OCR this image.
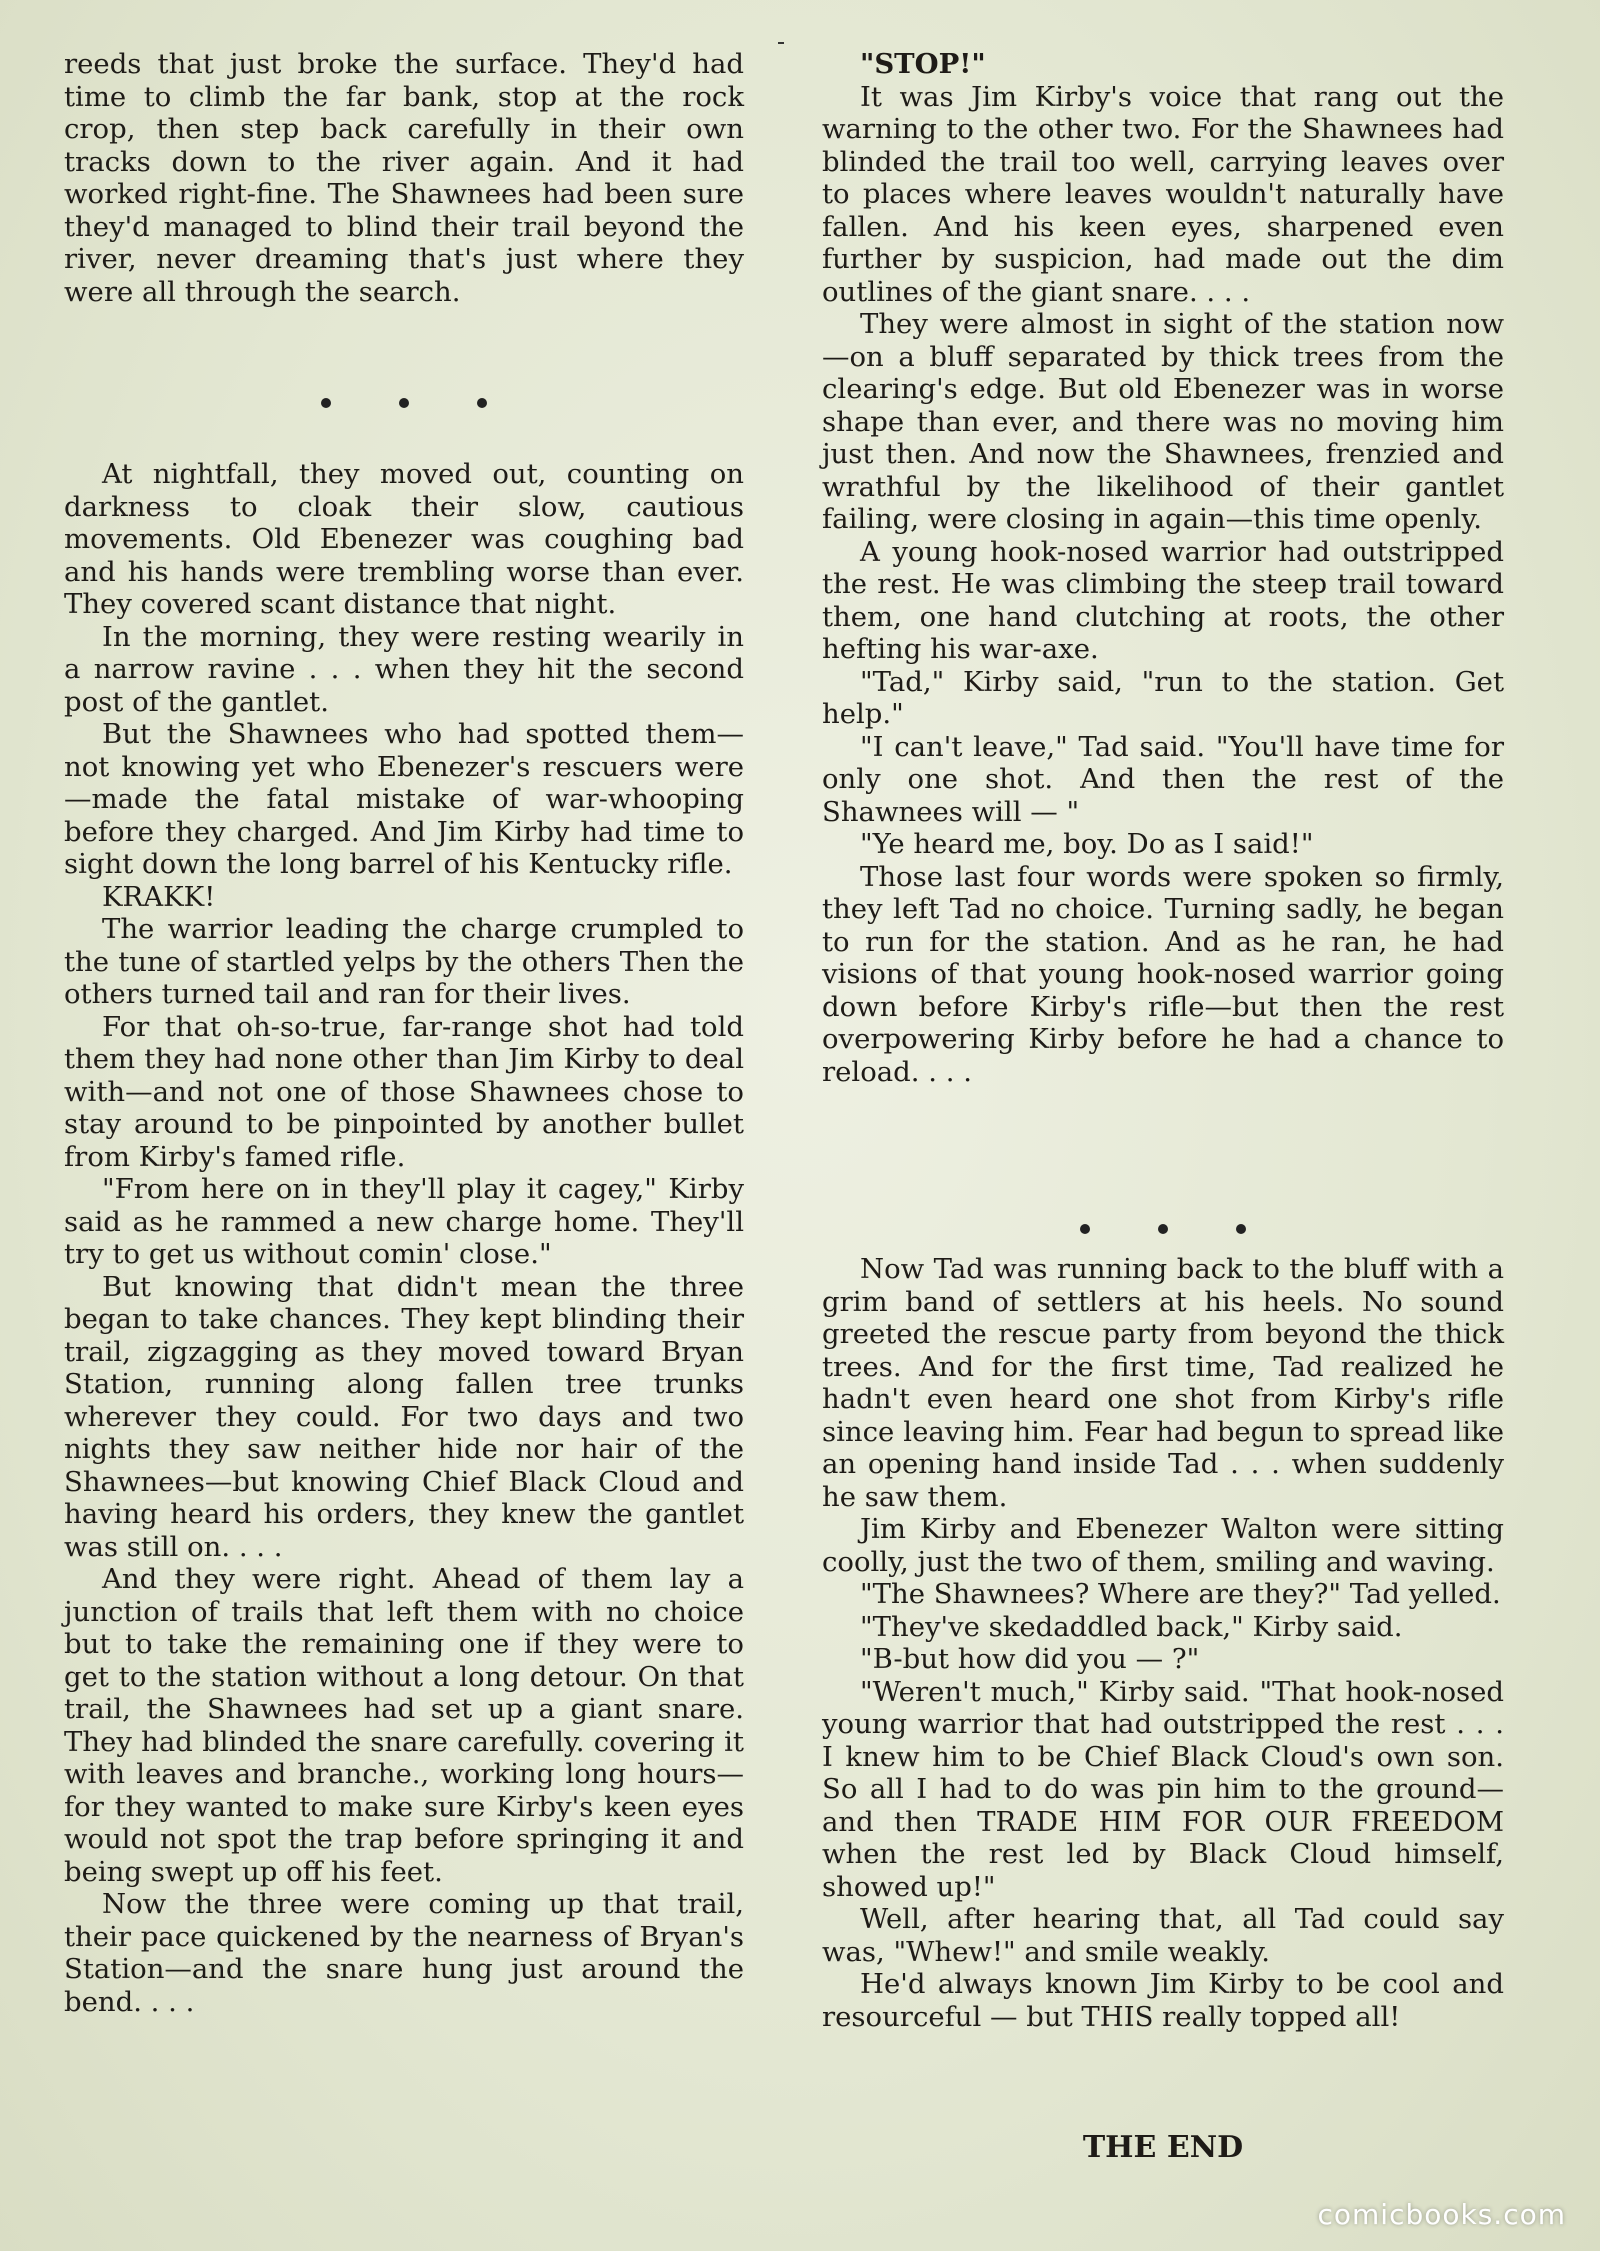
reeds that just broke the surface. They'd had time to climb the far bank, stop at the rock crop, then step back carefully in their own tracks down to the river again. And it had worked right-fine. The Shawnees had been sure they'd managed to blind their trail beyond the river, never dreaming that's just where they were all through the search.

At nightfall, they moved out, counting on darkness to cloak their slow, cautious movements. Old Ebenezer was coughing bad and his hands were trembling worse than ever. They covered scant distance that night.

In the morning, they were resting wearily in a narrow ravine . . . when they hit the second post of the gantlet.

But the Shawnees who had spotted them—not knowing yet who Ebenezer's rescuers were—made the fatal mistake of war-whooping before they charged. And Jim Kirby had time to sight down the long barrel of his Kentucky rifle.

KRAKK!

The warrior leading the charge crumpled to the tune of startled yelps by the others Then the others turned tail and ran for their lives.

For that oh-so-true, far-range shot had told them they had none other than Jim Kirby to deal with—and not one of those Shawnees chose to stay around to be pinpointed by another bullet from Kirby's famed rifle.

"From here on in they'll play it cagey," Kirby said as he rammed a new charge home. They'll try to get us without comin' close."

But knowing that didn't mean the three began to take chances. They kept blinding their trail, zigzagging as they moved toward Bryan Station, running along fallen tree trunks wherever they could. For two days and two nights they saw neither hide nor hair of the Shawnees—but knowing Chief Black Cloud and having heard his orders, they knew the gantlet was still on. . . .

And they were right. Ahead of them lay a junction of trails that left them with no choice but to take the remaining one if they were to get to the station without a long detour. On that trail, the Shawnees had set up a giant snare. They had blinded the snare carefully. covering it with leaves and branche., working long hours—for they wanted to make sure Kirby's keen eyes would not spot the trap before springing it and being swept up off his feet.

Now the three were coming up that trail, their pace quickened by the nearness of Bryan's Station—and the snare hung just around the bend. . . .

"STOP!"

It was Jim Kirby's voice that rang out the warning to the other two. For the Shawnees had blinded the trail too well, carrying leaves over to places where leaves wouldn't naturally have fallen. And his keen eyes, sharpened even further by suspicion, had made out the dim outlines of the giant snare. . . .

They were almost in sight of the station now—on a bluff separated by thick trees from the clearing's edge. But old Ebenezer was in worse shape than ever, and there was no moving him just then. And now the Shawnees, frenzied and wrathful by the likelihood of their gantlet failing, were closing in again—this time openly.

A young hook-nosed warrior had outstripped the rest. He was climbing the steep trail toward them, one hand clutching at roots, the other hefting his war-axe.

"Tad," Kirby said, "run to the station. Get help."

"I can't leave," Tad said. "You'll have time for only one shot. And then the rest of the Shawnees will — "

"Ye heard me, boy. Do as I said!"

Those last four words were spoken so firmly, they left Tad no choice. Turning sadly, he began to run for the station. And as he ran, he had visions of that young hook-nosed warrior going down before Kirby's rifle—but then the rest overpowering Kirby before he had a chance to reload. . . .

Now Tad was running back to the bluff with a grim band of settlers at his heels. No sound greeted the rescue party from beyond the thick trees. And for the first time, Tad realized he hadn't even heard one shot from Kirby's rifle since leaving him. Fear had begun to spread like an opening hand inside Tad . . . when suddenly he saw them.

Jim Kirby and Ebenezer Walton were sitting coolly, just the two of them, smiling and waving.

"The Shawnees? Where are they?" Tad yelled.

"They've skedaddled back," Kirby said.

"B-but how did you — ?"

"Weren't much," Kirby said. "That hook-nosed young warrior that had outstripped the rest . . . I knew him to be Chief Black Cloud's own son. So all I had to do was pin him to the ground—and then TRADE HIM FOR OUR FREEDOM when the rest led by Black Cloud himself, showed up!"

Well, after hearing that, all Tad could say was, "Whew!" and smile weakly.

He'd always known Jim Kirby to be cool and resourceful — but THIS really topped all!

THE END
comicbooks.com
